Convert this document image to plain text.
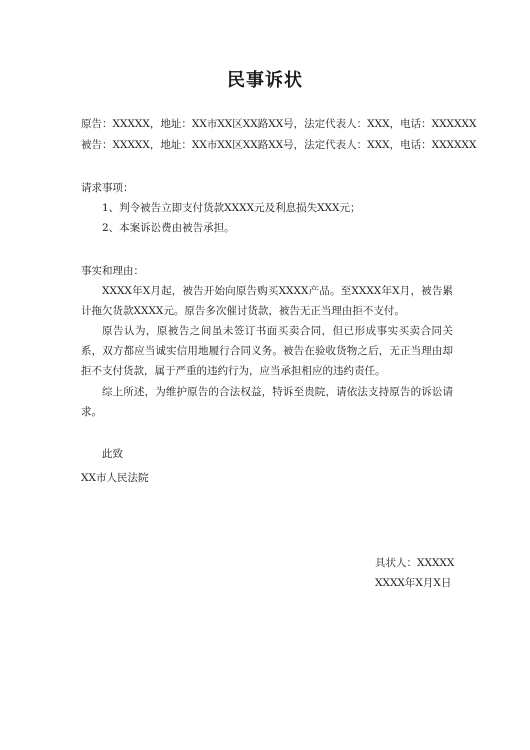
民事诉状
原告：XXXXX，地址：XX市XX区XX路XX号，法定代表人：XXX，电话：XXXXXX
被告：XXXXX，地址：XX市XX区XX路XX号，法定代表人：XXX，电话：XXXXXX
请求事项：
1、判令被告立即支付货款XXXX元及利息损失XXX元；
2、本案诉讼费由被告承担。
事实和理由：
XXXX年X月起，被告开始向原告购买XXXX产品。至XXXX年X月，被告累计拖欠货款XXXX元。原告多次催讨货款，被告无正当理由拒不支付。
原告认为，原被告之间虽未签订书面买卖合同，但已形成事实买卖合同关系，双方都应当诚实信用地履行合同义务。被告在验收货物之后，无正当理由却拒不支付货款，属于严重的违约行为，应当承担相应的违约责任。
综上所述，为维护原告的合法权益，特诉至贵院，请依法支持原告的诉讼请求。
此致
XX市人民法院
具状人：XXXXX
XXXX年X月X日
